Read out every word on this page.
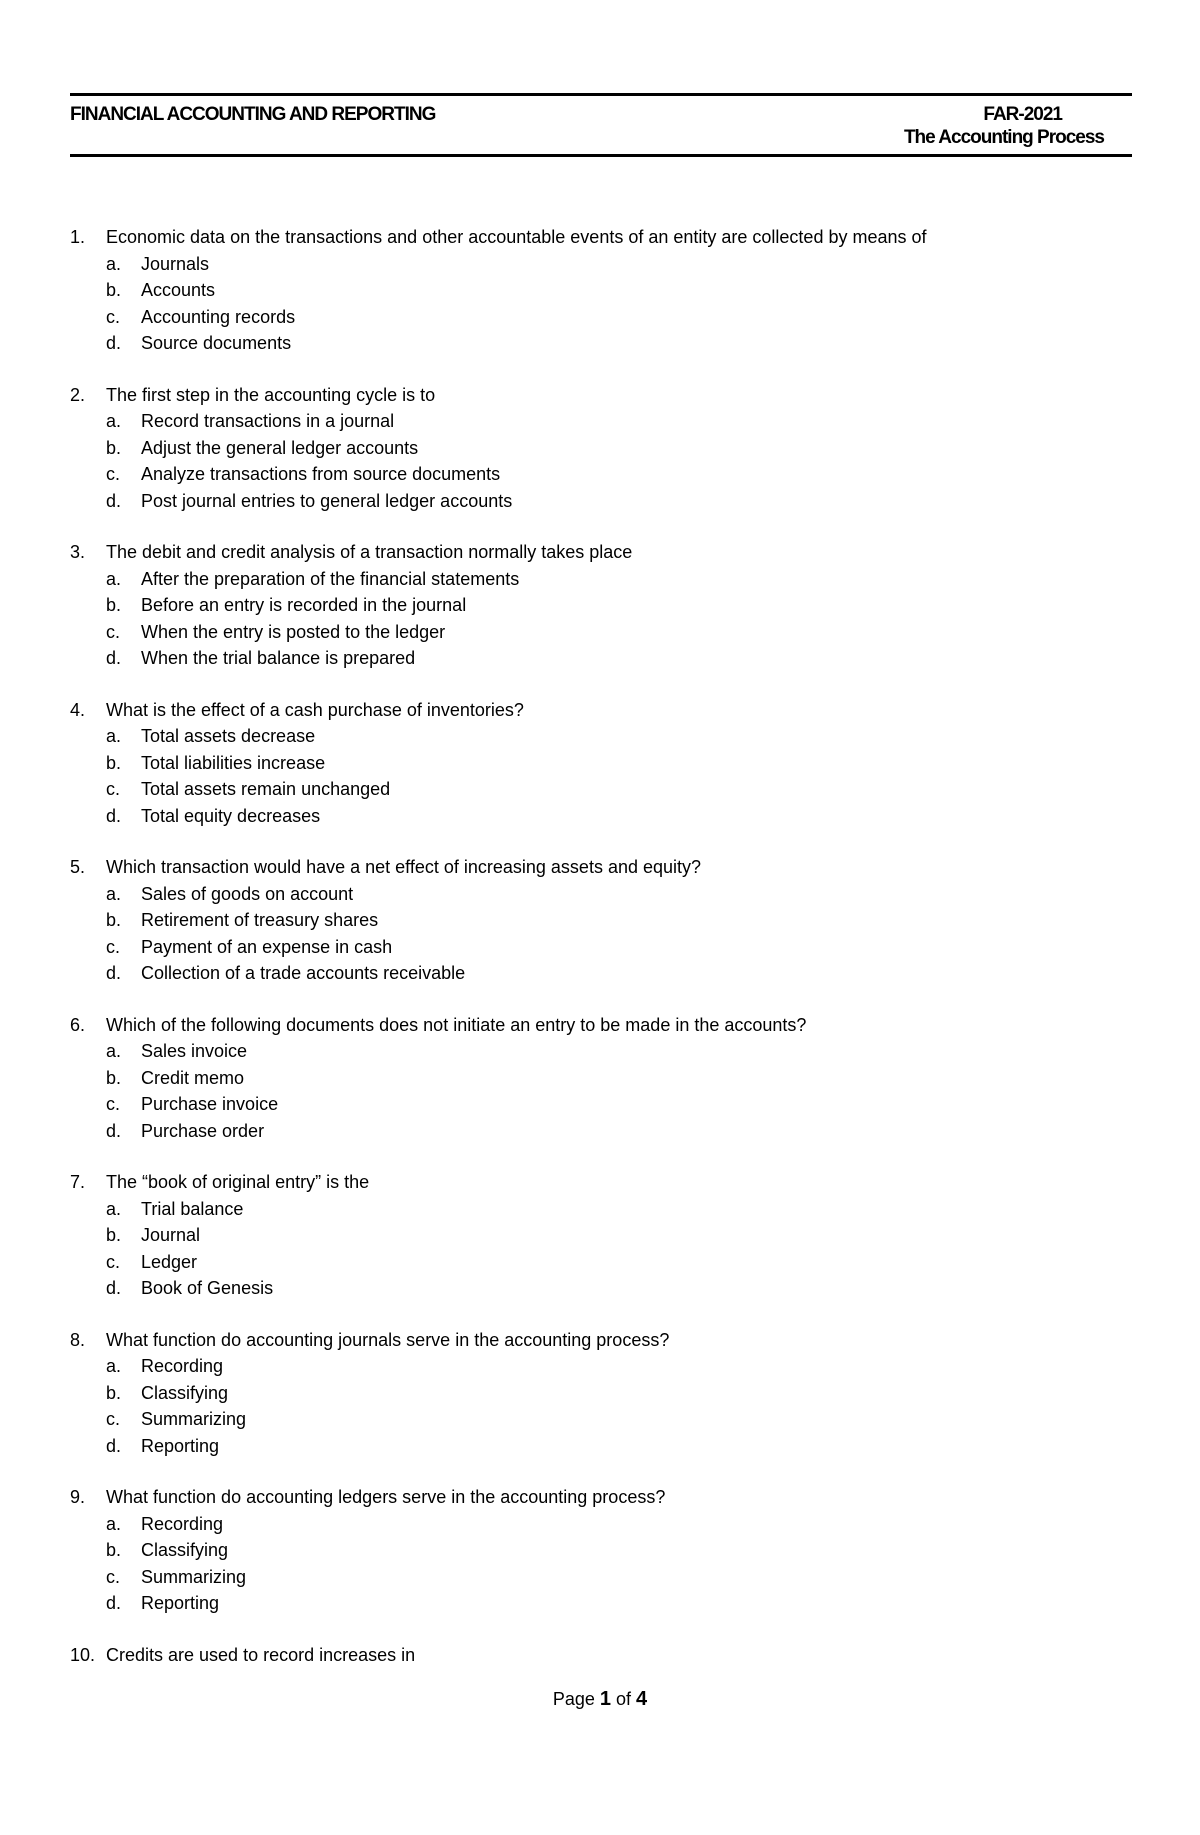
FINANCIAL ACCOUNTING AND REPORTING	FAR-2021
The Accounting Process
1. Economic data on the transactions and other accountable events of an entity are collected by means of
a. Journals
b. Accounts
c. Accounting records
d. Source documents
2. The first step in the accounting cycle is to
a. Record transactions in a journal
b. Adjust the general ledger accounts
c. Analyze transactions from source documents
d. Post journal entries to general ledger accounts
3. The debit and credit analysis of a transaction normally takes place
a. After the preparation of the financial statements
b. Before an entry is recorded in the journal
c. When the entry is posted to the ledger
d. When the trial balance is prepared
4. What is the effect of a cash purchase of inventories?
a. Total assets decrease
b. Total liabilities increase
c. Total assets remain unchanged
d. Total equity decreases
5. Which transaction would have a net effect of increasing assets and equity?
a. Sales of goods on account
b. Retirement of treasury shares
c. Payment of an expense in cash
d. Collection of a trade accounts receivable
6. Which of the following documents does not initiate an entry to be made in the accounts?
a. Sales invoice
b. Credit memo
c. Purchase invoice
d. Purchase order
7. The “book of original entry” is the
a. Trial balance
b. Journal
c. Ledger
d. Book of Genesis
8. What function do accounting journals serve in the accounting process?
a. Recording
b. Classifying
c. Summarizing
d. Reporting
9. What function do accounting ledgers serve in the accounting process?
a. Recording
b. Classifying
c. Summarizing
d. Reporting
10. Credits are used to record increases in
Page 1 of 4
